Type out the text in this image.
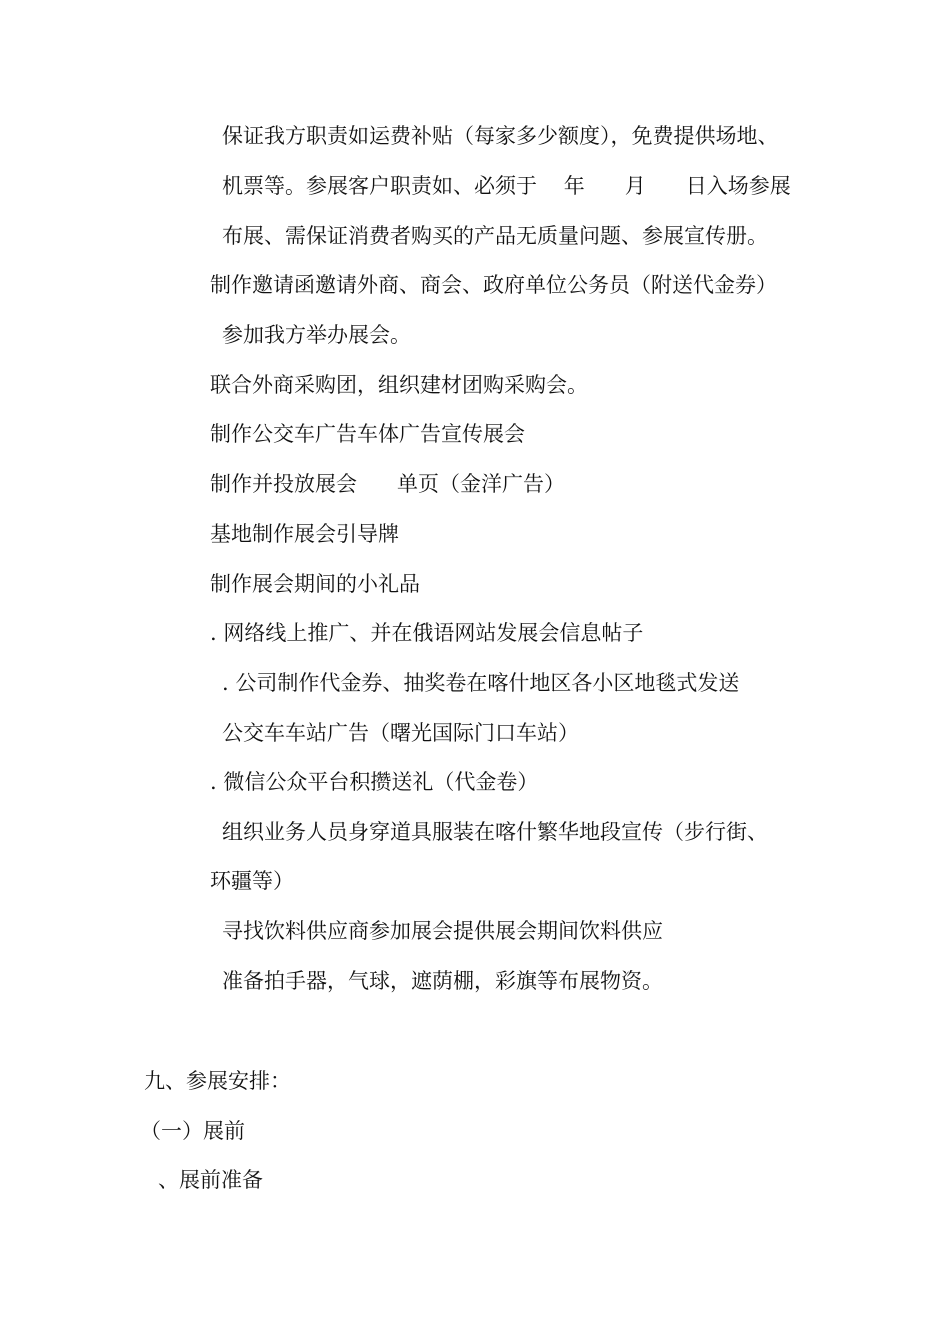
保证我方职责如运费补贴（每家多少额度），免费提供场地、

机票等。参展客户职责如、必须于    年      月      日入场参展

布展、需保证消费者购买的产品无质量问题、参展宣传册。

制作邀请函邀请外商、商会、政府单位公务员（附送代金券）

参加我方举办展会。

联合外商采购团，组织建材团购采购会。

制作公交车广告车体广告宣传展会

制作并投放展会      单页（金洋广告）

基地制作展会引导牌

制作展会期间的小礼品

. 网络线上推广、并在俄语网站发展会信息帖子

. 公司制作代金券、抽奖卷在喀什地区各小区地毯式发送

公交车车站广告（曙光国际门口车站）

. 微信公众平台积攒送礼（代金卷）

组织业务人员身穿道具服装在喀什繁华地段宣传（步行街、

环疆等）

寻找饮料供应商参加展会提供展会期间饮料供应

准备拍手器，气球，遮荫棚，彩旗等布展物资。

九、参展安排：

（一）展前

、展前准备
